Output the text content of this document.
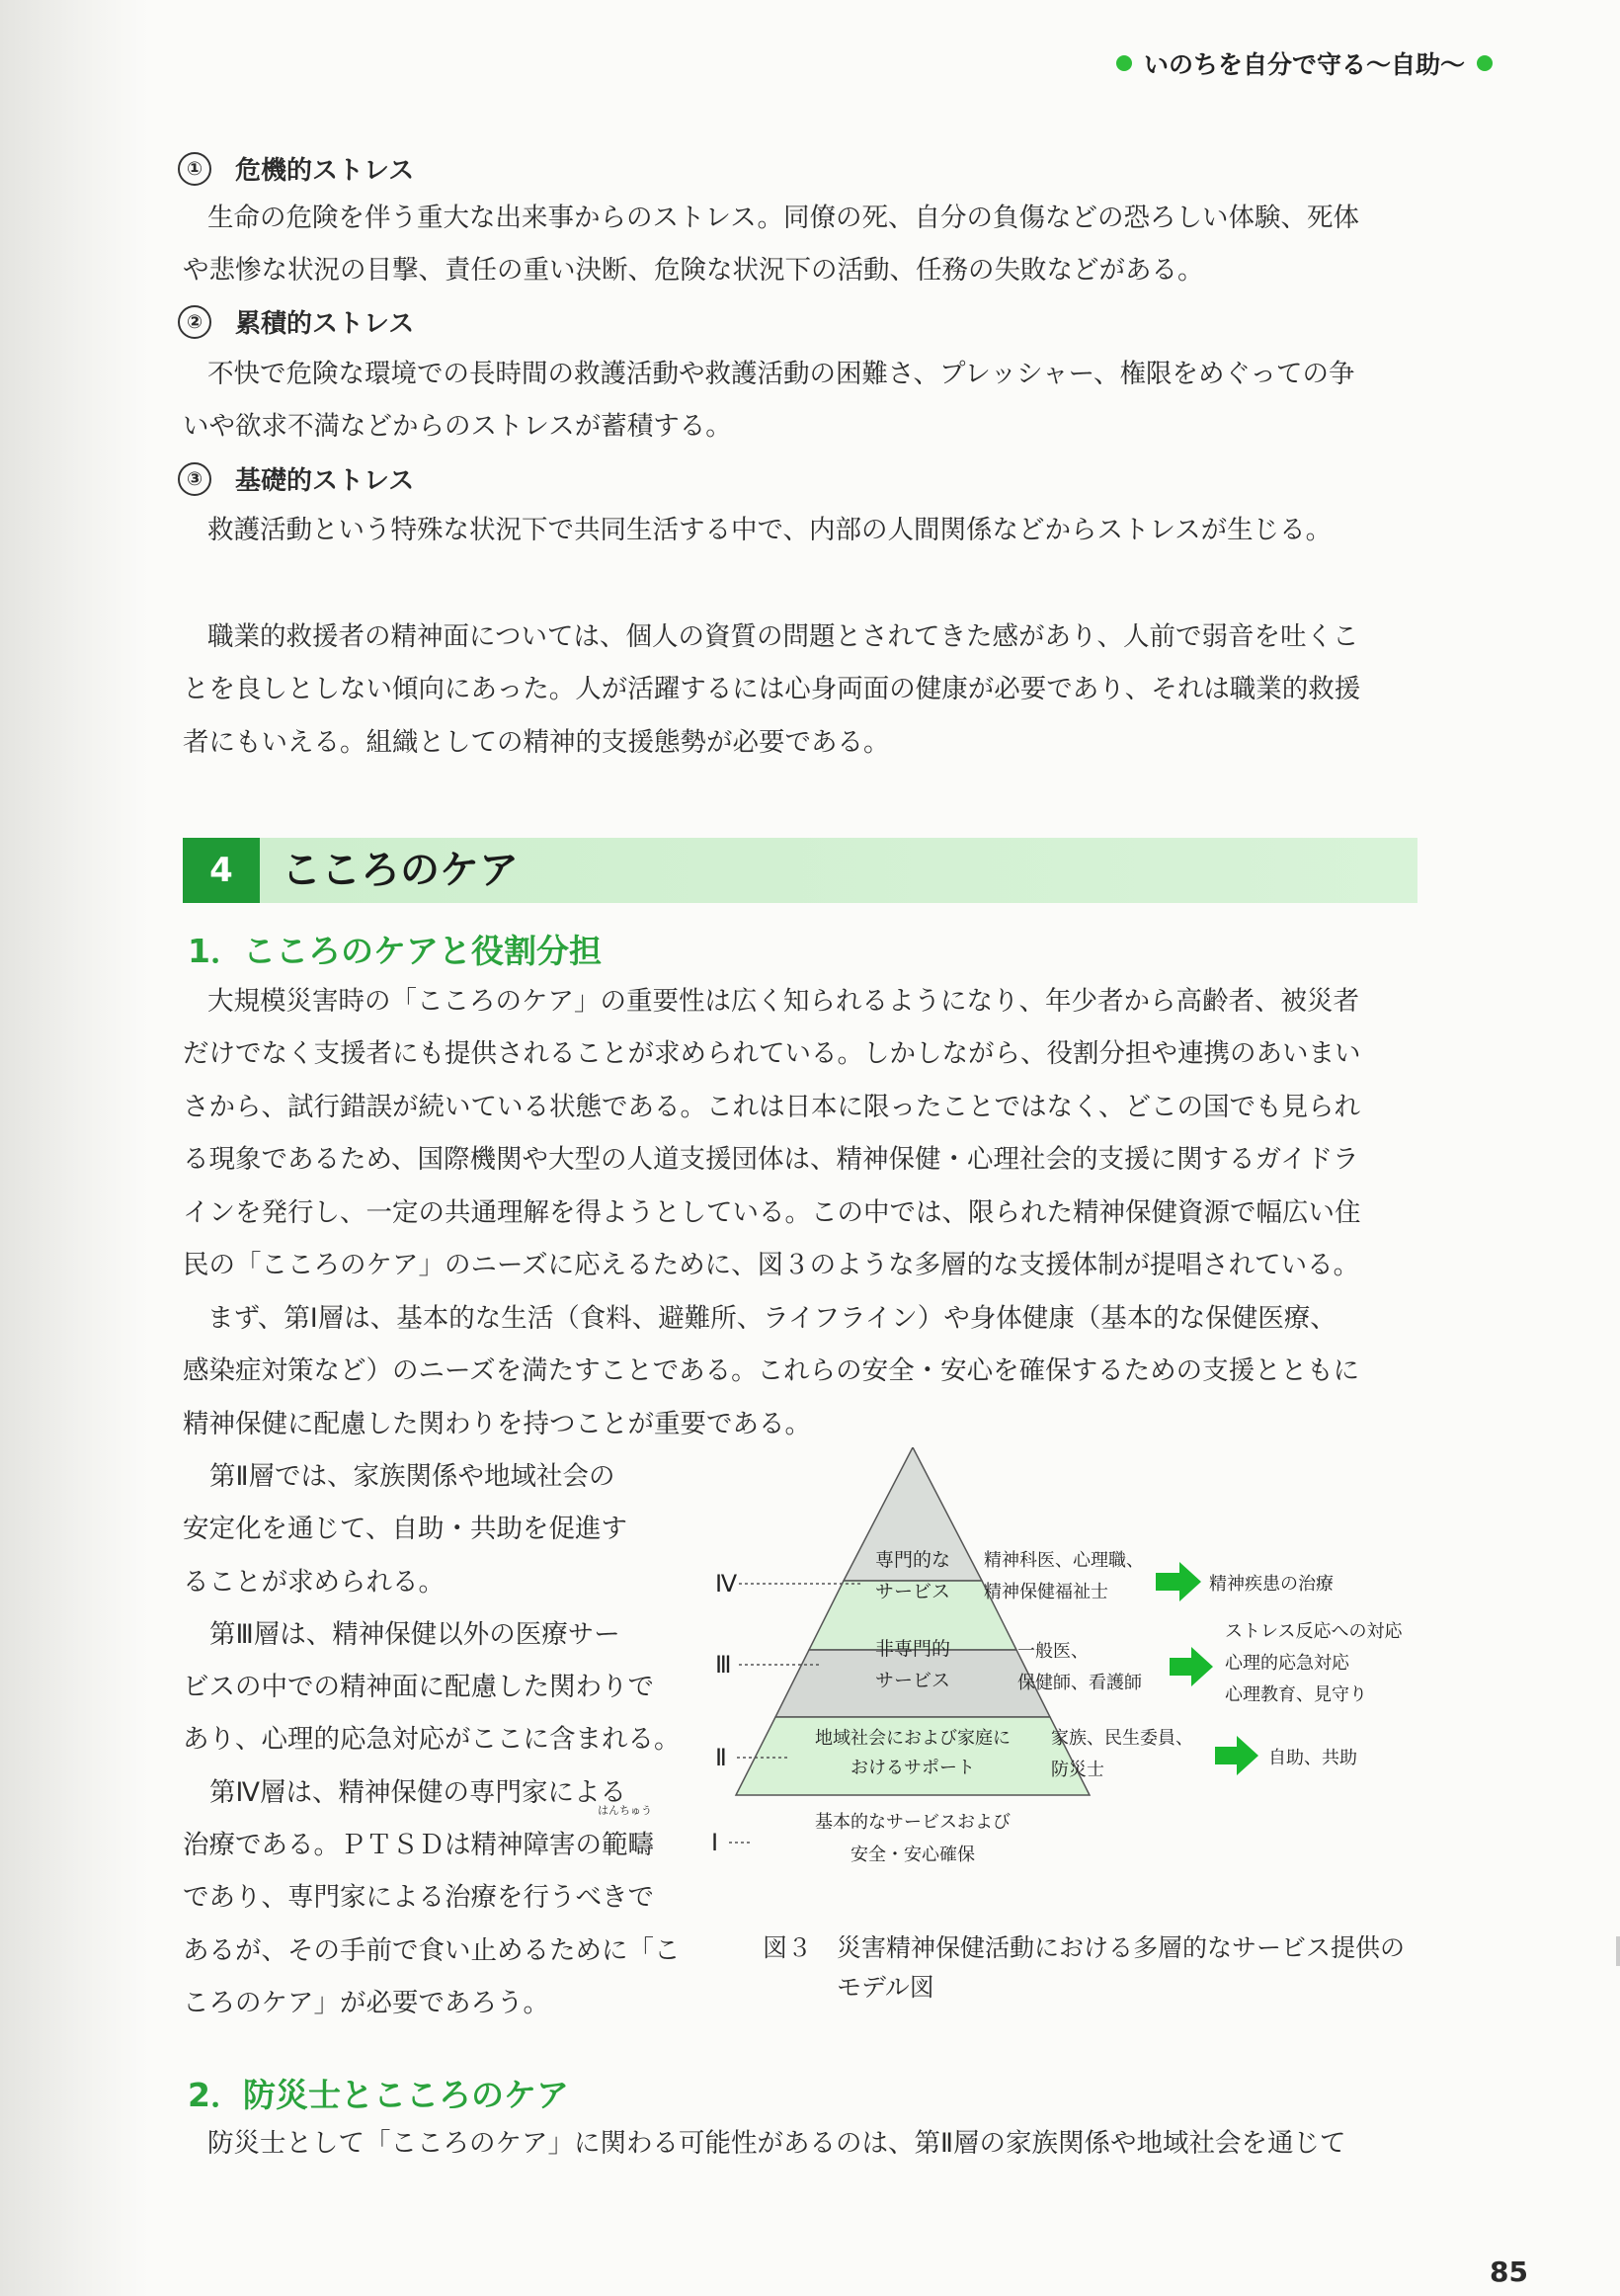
いのちを自分で守る〜自助〜
① 危機的ストレス
生命の危険を伴う重大な出来事からのストレス。同僚の死、自分の負傷などの恐ろしい体験、死体
や悲惨な状況の目撃、責任の重い決断、危険な状況下の活動、任務の失敗などがある。
② 累積的ストレス
不快で危険な環境での長時間の救護活動や救護活動の困難さ、プレッシャー、権限をめぐっての争
いや欲求不満などからのストレスが蓄積する。
③ 基礎的ストレス
救護活動という特殊な状況下で共同生活する中で、内部の人間関係などからストレスが生じる。
職業的救援者の精神面については、個人の資質の問題とされてきた感があり、人前で弱音を吐くこ
とを良しとしない傾向にあった。人が活躍するには心身両面の健康が必要であり、それは職業的救援
者にもいえる。組織としての精神的支援態勢が必要である。
4	こころのケア
1．こころのケアと役割分担
大規模災害時の「こころのケア」の重要性は広く知られるようになり、年少者から高齢者、被災者
だけでなく支援者にも提供されることが求められている。しかしながら、役割分担や連携のあいまい
さから、試行錯誤が続いている状態である。これは日本に限ったことではなく、どこの国でも見られ
る現象であるため、国際機関や大型の人道支援団体は、精神保健・心理社会的支援に関するガイドラ
インを発行し、一定の共通理解を得ようとしている。この中では、限られた精神保健資源で幅広い住
民の「こころのケア」のニーズに応えるために、図３のような多層的な支援体制が提唱されている。
まず、第Ⅰ層は、基本的な生活（食料、避難所、ライフライン）や身体健康（基本的な保健医療、
感染症対策など）のニーズを満たすことである。これらの安全・安心を確保するための支援とともに
精神保健に配慮した関わりを持つことが重要である。
第Ⅱ層では、家族関係や地域社会の
安定化を通じて、自助・共助を促進す
ることが求められる。
第Ⅲ層は、精神保健以外の医療サー
ビスの中での精神面に配慮した関わりで
あり、心理的応急対応がここに含まれる。
第Ⅳ層は、精神保健の専門家による
治療である。ＰＴＳＤは精神障害の範疇
はんちゅう
であり、専門家による治療を行うべきで
あるが、その手前で食い止めるために「こ
ころのケア」が必要であろう。
Ⅳ
Ⅲ
Ⅱ
Ⅰ
専門的な
サービス
非専門的
サービス
地域社会におよび家庭に
おけるサポート
基本的なサービスおよび
安全・安心確保
精神科医、心理職、
精神保健福祉士
一般医、
保健師、看護師
家族、民生委員、
防災士
精神疾患の治療
ストレス反応への対応
心理的応急対応
心理教育、見守り
自助、共助
図３ 災害精神保健活動における多層的なサービス提供の
モデル図
2．防災士とこころのケア
防災士として「こころのケア」に関わる可能性があるのは、第Ⅱ層の家族関係や地域社会を通じて
85
